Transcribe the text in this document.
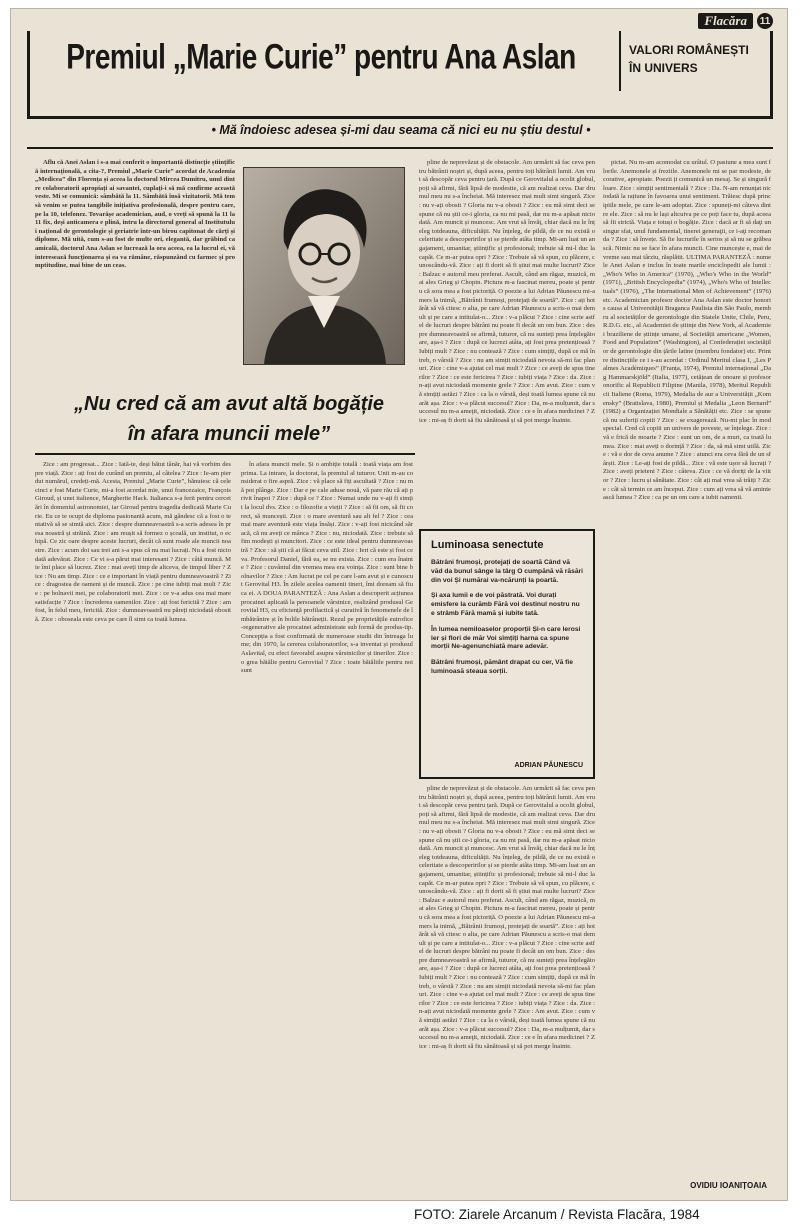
Flacăra	11
Premiul „Marie Curie” pentru Ana Aslan	VALORI ROMÂNEȘTI
ÎN UNIVERS
• Mă îndoiesc adesea și-mi dau seama că nici eu nu știu destul •

Aflu că Anei Aslan i s-a mai conferit o importantă distincție științifică internațională, a cita-?, Premiul „Marie Curie” acordat de Academia „Medicea” din Florența și aceea la doctorul Mircea Dumitru, unul dintre colaboratorii apropiați ai savantei, cuplați-i să mă confirme această veste. Mi se comunică: sâmbătă la 11. Sâmbătă însă vizitatorii. Mă tem să venim se putea tangibile inițiativa profesională, despre pentru care, pe la 10, telefonez. Tovarășe academician, aud, o vreți să spună la 11 la 11 fix, deși anticamera e plină, intru la directorul general al Institutului național de gerontologie și geriatrie într-un birou capitonat de cărți și diplome. Mă uită, cum s-au fost de multe ori, elegantă, dar grăbind ca amicală, doctorul Ana Aslan se lucrează la ora aceea, ea la lucrul ei, vă interesează funcționarea și ea va rămâne, răspunzând cu farmec și promptitudine, mai bine de un ceas.

„Nu cred că am avut altă bogăție
în afara muncii mele”

Zice : am progresat... Zice : Iată-te, deși bătut tânăr, hai vă vorbim despre viață. Zice : ați fost de curând un premiu, al câtelea ? Zice : Ie-am pierdut numărul, credeți-mă. Acesta, Premiul „Marie Curie”, bănuiesc că cele cinci e fost Marie Curie, mi-a fost acordat mie, unui francezaice, François Giroud, și unei italience, Margherite Hack. Italianca s-a ferit pentru cercetări în domeniul astronomiei, iar Giroud pentru tragedia dedicată Marie Curie. Eu ce te ocupi de diploma pasionantă acum, mă gândesc că a fost o tentativă să se simtă aici. Zice : despre dumneavoastră s-a scris adesea în presa noastră și străină. Zice : am reușit să formez o școală, un institut, o echipă. Ce zic oare despre aceste lucruri, decât că sunt roade ale muncii noastre. Zice : acum doi sau trei ani s-a spus că nu mai lucrați. Nu a fost niciodată adevărat. Zice : Ce vi s-a părut mai interesant ? Zice : câtă muncă. Mie îmi place să lucrez. Zice : mai aveți timp de altceva, de timpul liber ? Zice : Nu am timp. Zice : ce e important în viață pentru dumneavoastră ? Zice : dragostea de oameni și de muncă. Zice : pe cine iubiți mai mult ? Zice : pe bolnavii mei, pe colaboratorii mei. Zice : ce v-a adus cea mai mare satisfacție ? Zice : încrederea oamenilor. Zice : ați fost fericită ? Zice : am fost, în felul meu, fericită. Zice : dumneavoastră nu păreți niciodată obosită. Zice : oboseala este ceva pe care îl simt ca toată lumea.

în afara muncii mele. Și o ambiție totală : toată viața am fost prima. La intrare, la doctorat, la premiul al tuturor. Unii m-au considerat o fire aspră. Zice : vă place să fiți ascultată ? Zice : nu mă pot plânge. Zice : Dar e pe cale aduse nouă, vă pare rău că ați privit înapoi ? Zice : după ce ? Zice : Numai unde nu v-ați fi simțit la locul dvs. Zice : o filozofie a vieții ? Zice : să fii om, să fii corect, să muncești. Zice : o mare aventură sau alt fel ? Zice : cea mai mare aventură este viața însăși. Zice : v-ați fost nicicând săracă, că nu aveți ce mânca ? Zice : nu, niciodată. Zice : trebuie să fim modești și muncitori. Zice : ce este ideal pentru dumneavoastră ? Zice : să știi că ai făcut ceva util. Zice : Ieri că este și fost ceva. Profesorul Daniel, fără ea, se nu exista. Zice : cum era înainte ? Zice : cuvântul din vremea mea era voința. Zice : sunt bine bolnavilor ? Zice : Am lucrat pe cel pe care l-am avut și e cunoscut Gerovital H3. În zilele acelea oamenii tineri, îmi doream să fiu ca ei. A DOUA PARANTEZĂ : Ana Aslan a descoperit acțiunea procainei aplicată la persoanele vârstnice, realizând produsul Gerovital H3, cu eficiență profilactică și curativă în fenomenele de îmbătrânire și în bolile bătrâneții. Rezul pe proprietățile eutrofice-regenerative ale procainei administrate sub formă de produs-tip. Concepția a fost confirmată de numeroase studii din întreaga lume; din 1970, la cererea colaboratorilor, s-a inventat și produsul Aslavital, cu efect favorabil asupra vârstnicilor și tinerilor. Zice : o grea bătălie pentru Gerovital ? Zice : toate bătăliile pentru noi sunt

pline de neprevăzut și de obstacole. Am urmărit să fac ceva pentru bătrânii noștri și, după aceea, pentru toți bătrânii lumii. Am vrut să descopăr ceva pentru țară. După ce Gerovitalul a ocolit globul, poți să afirmi, fără lipsă de modestie, că am realizat ceva. Dar drumul meu nu s-a încheiat. Mă interesez mai mult simt singură. Zice : nu v-ați obosit ? Gloria nu v-a obosit ? Zice : eu mă simt deci se spune că nu știi ce-i gloria, ca nu mi pasă, dar nu m-a apăsat niciodată. Am muncit și muncesc. Am vrut să învăț, chiar dacă nu le înțeleg totdeauna, dificultății. Nu înțeleg, de pildă, de ce nu există o celeritate a descoperirilor și se pierde atâta timp. Mi-am luat un angajament, umanitar, științific și profesional; trebuie să mi-l duc la capăt. Ce m-ar putea opri ? Zice : Trebuie să vă spun, cu plăcere, cunoscându-vă. Zice : ați fi dorit să fi știut mai multe lucruri? Zice : Balzac e autorul meu preferat. Ascult, când am răgaz, muzică, mai ales Grieg și Chopin. Pictura m-a fascinat mereu, poate și pentru că sora mea a fost pictoriță. O poezie a lui Adrian Păunescu mi-a mers la inimă, „Bătrânii frumoși, protejați de soartă”. Zice : ați hotărât să vă citesc o alta, pe care Adrian Păunescu a scris-o mai demult și pe care a intitulat-o... Zice : v-a plăcut ? Zice : cine scrie astfel de lucruri despre bătrâni nu poate fi decât un om bun. Zice : despre dumneavoastră se afirmă, tuturor, că nu sunteți prea înțelegătoare, așa-i ? Zice : după ce lucrezi atâta, ați fost prea pretențioasă ? Iubiți mult ? Zice : nu contează ? Zice : cum simțiți, după ce mă întreb, o vârstă ? Zice : nu am simțit niciodată nevoia să-mi fac planuri. Zice : cine v-a ajutat cel mai mult ? Zice : ce aveți de spus tinerilor ? Zice : ce este fericirea ? Zice : iubiți viața ? Zice : da. Zice : n-ați avut niciodată momente grele ? Zice : Am avut. Zice : cum vă simțiți astăzi ? Zice : ca la o vârstă, deși toată lumea spune că nu arăt așa. Zice : v-a plăcut succesul? Zice : Da, m-a mulțumit, dar succesul nu m-a ameţit, niciodată. Zice : ce e în afara medicinei ? Zice : mi-aș fi dorit să fiu sănătoasă și să pot merge înainte.

pline de neprevăzut și de obstacole. Am urmărit să fac ceva pentru bătrânii noștri și, după aceea, pentru toți bătrânii lumii. Am vrut să descopăr ceva pentru țară. După ce Gerovitalul a ocolit globul, poți să afirmi, fără lipsă de modestie, că am realizat ceva. Dar drumul meu nu s-a încheiat. Mă interesez mai mult simt singură. Zice : nu v-ați obosit ? Gloria nu v-a obosit ? Zice : eu mă simt deci se spune că nu știi ce-i gloria, ca nu mi pasă, dar nu m-a apăsat niciodată. Am muncit și muncesc. Am vrut să învăț, chiar dacă nu le înțeleg totdeauna, dificultății. Nu înțeleg, de pildă, de ce nu există o celeritate a descoperirilor și se pierde atâta timp. Mi-am luat un angajament, umanitar, științific și profesional; trebuie să mi-l duc la capăt. Ce m-ar putea opri ? Zice : Trebuie să vă spun, cu plăcere, cunoscându-vă. Zice : ați fi dorit să fi știut mai multe lucruri? Zice : Balzac e autorul meu preferat. Ascult, când am răgaz, muzică, mai ales Grieg și Chopin. Pictura m-a fascinat mereu, poate și pentru că sora mea a fost pictoriță. O poezie a lui Adrian Păunescu mi-a mers la inimă, „Bătrânii frumoși, protejați de soartă”. Zice : ați hotărât să vă citesc o alta, pe care Adrian Păunescu a scris-o mai demult și pe care a intitulat-o... Zice : v-a plăcut ? Zice : cine scrie astfel de lucruri despre bătrâni nu poate fi decât un om bun. Zice : despre dumneavoastră se afirmă, tuturor, că nu sunteți prea înțelegătoare, așa-i ? Zice : după ce lucrezi atâta, ați fost prea pretențioasă ? Iubiți mult ? Zice : nu contează ? Zice : cum simțiți, după ce mă întreb, o vârstă ? Zice : nu am simțit niciodată nevoia să-mi fac planuri. Zice : cine v-a ajutat cel mai mult ? Zice : ce aveți de spus tinerilor ? Zice : ce este fericirea ? Zice : iubiți viața ? Zice : da. Zice : n-ați avut niciodată momente grele ? Zice : Am avut. Zice : cum vă simțiți astăzi ? Zice : ca la o vârstă, deși toată lumea spune că nu arăt așa. Zice : v-a plăcut succesul? Zice : Da, m-a mulțumit, dar succesul nu m-a ameţit, niciodată. Zice : ce e în afara medicinei ? Zice : mi-aș fi dorit să fiu sănătoasă și să pot merge înainte.

pictat. Nu m-am acomodat cu urâtul. O pasiune a mea sunt florile. Anemonele și freziile. Anemonele mi se par modeste, decorative, apropiate. Poezii ți comunică un mesaj. Se și singură floare. Zice : simțiți sentimentală ? Zice : Da. N-am renunțat niciodată la rațiune în favoarea unui sentiment. Trăiesc după principiile mele, pe care le-am adoptat. Zice : spuneți-mi câteva dintre ele. Zice : să nu le lași altcuiva pe ce poți face tu, după aceea să fii strictă. Viața e totuși o bogăție. Zice : dacă ar fi să daţi un singur sfat, unul fundamental, tinerei generaţii, ce i-aţi recomanda ? Zice : să învețe. Să fie lucrurile în serios și să nu se grăbească. Nimic nu se face în afara muncii. Cine muncește e, mai devreme sau mai târziu, răsplătit. ULTIMA PARANTEZĂ : numele Anei Aslan e inclus în toate marile enciclopedii ale lumii : „Who's Who in America” (1970), „Who's Who in the World” (1971), „British Encyclopedia” (1974), „Who's Who of Intellectuals” (1976), „The International Men of Achievement” (1976) etc. Academician profesor doctor Ana Aslan este doctor honoris causa al Universității Braganca Paulista din São Paulo, membru al societăților de gerontologie din Statele Unite, Chile, Peru, R.D.G. etc., al Academiei de științe din New York, al Academiei braziliene de științe umane, al Societății americane „Women, Food and Population” (Washington), al Confederației societăților de gerontologie din țările latine (membru fondator) etc. Printre distincțiile ce i s-au acordat : Ordinul Meritul clasa I, „Les Palmes Académiques” (Franța, 1974), Premiul internațional „Dag Hammarskjöld” (Italia, 1977), cetățean de onoare și profesor onorific al Republicii Filipine (Manila, 1978), Meritul Republicii Italiene (Roma, 1979), Medalia de aur a Universității „Komensky” (Bratislava, 1980), Premiul și Medalia „Leon Bernard” (1982) a Organizației Mondiale a Sănătății etc. Zice : se spune că nu suferiți copiii ? Zice : se exagerează. Nu-mi plac în mod special. Cred că copiii un univers de poveste, se înțelege. Zice : vă e frică de moarte ? Zice : sunt un om, de a muri, ca toată lumea. Zice : mai aveți o dorință ? Zice : da, să mă simt utilă. Zice : vă e dor de ceva anume ? Zice : atunci era ceva fără de un sfârșit. Zice : Le-ați fost de pildă... Zice : vă este ușor să lucrați ? Zice : aveți prieteni ? Zice : câteva. Zice : ce vă doriți de la viitor ? Zice : lucru și sănătate. Zice : cât ați mai vrea să trăiți ? Zice : cât să termin ce am început. Zice : cum ați vrea să vă amintească lumea ? Zice : ca pe un om care a iubit oamenii.

Luminoasa senectute
Bătrâni frumoși, protejați de soartă Când vă văd da bunul sânge la târg O cumpănă vă răsări din voi Și numărai va-ncărunți la poartă.
Și axa lumii e de voi păstrată. Voi durați emisfere la curămb Fără voi destinul nostru nu e strâmb Fără mamă și iubite tată.
În lumea nemiloaselor proporții Și-n care lerosi ler și flori de măr Voi sîmțiți harna ca spune morții Ne-agenunchiată mare adevăr.
Bătrâni frumoși, pământ drapat cu cer, Vă fie luminoasă steaua sorții.
ADRIAN PĂUNESCU
OVIDIU IOANIȚOAIA
FOTO: Ziarele Arcanum / Revista Flacăra, 1984
